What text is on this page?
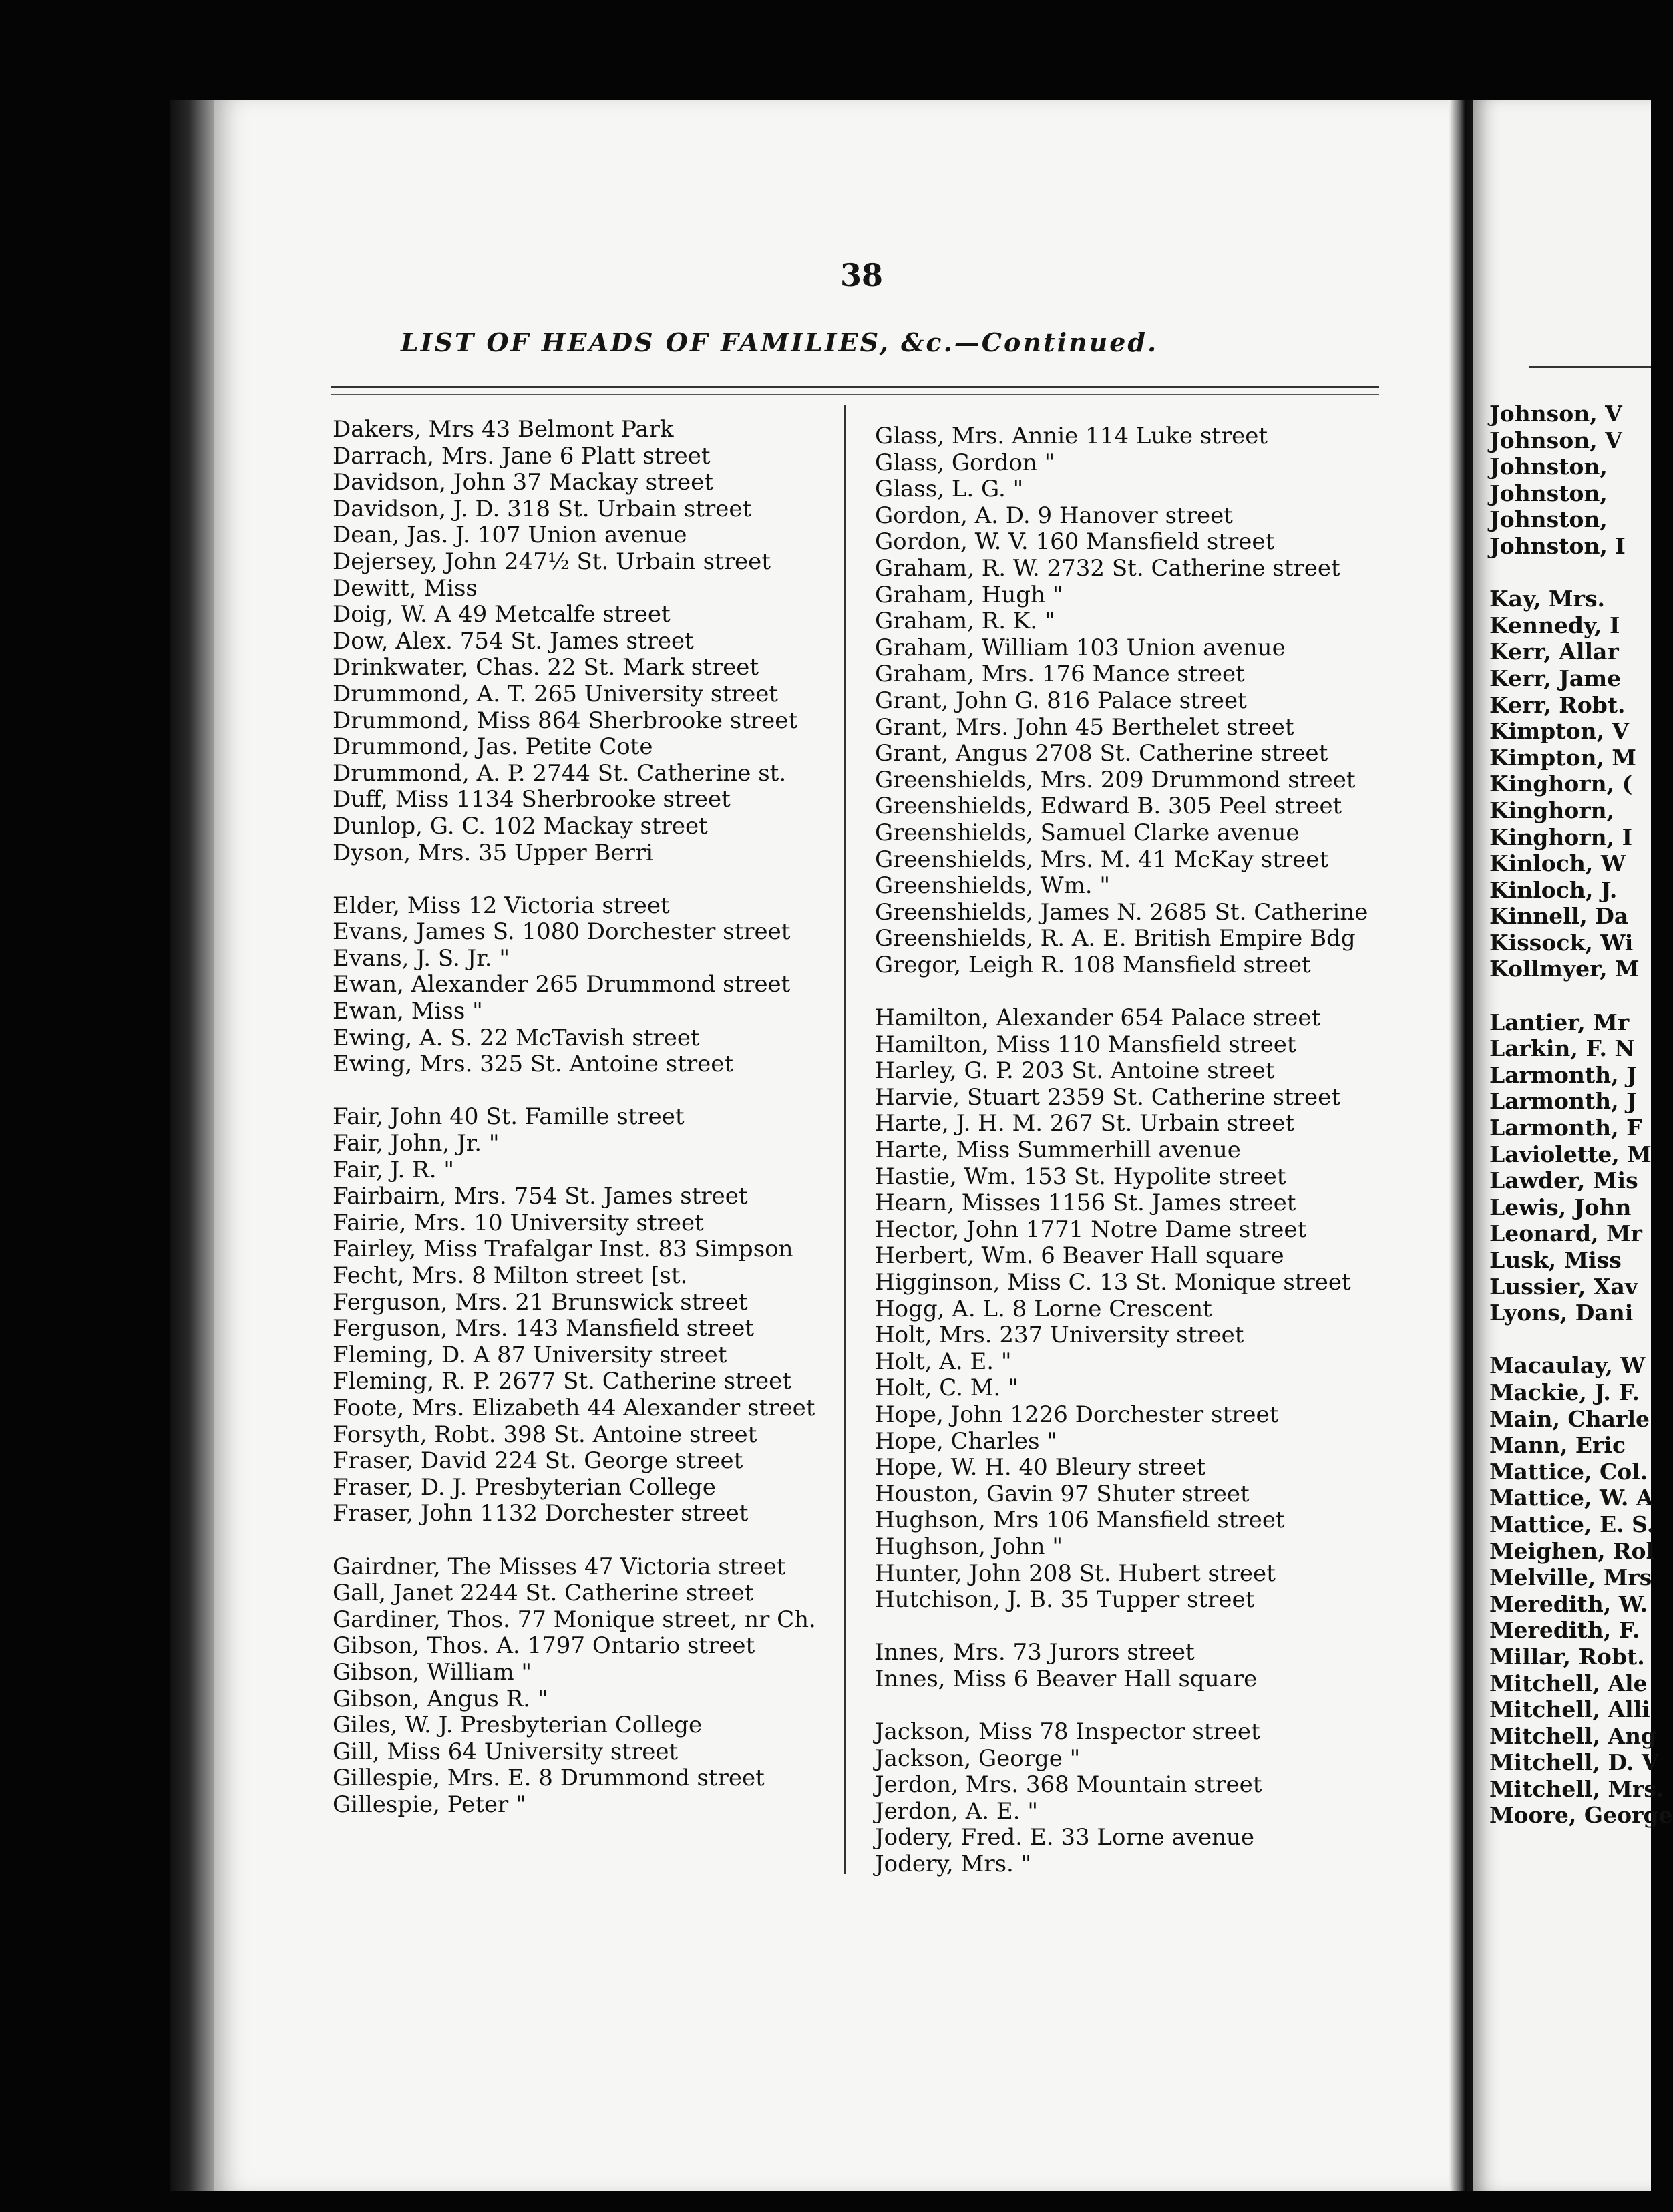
38
LIST OF HEADS OF FAMILIES, &c.—Continued.
Dakers, Mrs 43 Belmont Park
Darrach, Mrs. Jane 6 Platt street
Davidson, John 37 Mackay street
Davidson, J. D. 318 St. Urbain street
Dean, Jas. J. 107 Union avenue
Dejersey, John 247½ St. Urbain street
Dewitt, Miss
Doig, W. A 49 Metcalfe street
Dow, Alex. 754 St. James street
Drinkwater, Chas. 22 St. Mark street
Drummond, A. T. 265 University street
Drummond, Miss 864 Sherbrooke street
Drummond, Jas. Petite Cote
Drummond, A. P. 2744 St. Catherine st.
Duff, Miss 1134 Sherbrooke street
Dunlop, G. C. 102 Mackay street
Dyson, Mrs. 35 Upper Berri
Elder, Miss 12 Victoria street
Evans, James S. 1080 Dorchester street
Evans, J. S. Jr. "
Ewan, Alexander 265 Drummond street
Ewan, Miss "
Ewing, A. S. 22 McTavish street
Ewing, Mrs. 325 St. Antoine street
Fair, John 40 St. Famille street
Fair, John, Jr. "
Fair, J. R. "
Fairbairn, Mrs. 754 St. James street
Fairie, Mrs. 10 University street
Fairley, Miss Trafalgar Inst. 83 Simpson
Fecht, Mrs. 8 Milton street [st.
Ferguson, Mrs. 21 Brunswick street
Ferguson, Mrs. 143 Mansfield street
Fleming, D. A 87 University street
Fleming, R. P. 2677 St. Catherine street
Foote, Mrs. Elizabeth 44 Alexander street
Forsyth, Robt. 398 St. Antoine street
Fraser, David 224 St. George street
Fraser, D. J. Presbyterian College
Fraser, John 1132 Dorchester street
Gairdner, The Misses 47 Victoria street
Gall, Janet 2244 St. Catherine street
Gardiner, Thos. 77 Monique street, nr Ch.
Gibson, Thos. A. 1797 Ontario street
Gibson, William "
Gibson, Angus R. "
Giles, W. J. Presbyterian College
Gill, Miss 64 University street
Gillespie, Mrs. E. 8 Drummond street
Gillespie, Peter "
Glass, Mrs. Annie 114 Luke street
Glass, Gordon "
Glass, L. G. "
Gordon, A. D. 9 Hanover street
Gordon, W. V. 160 Mansfield street
Graham, R. W. 2732 St. Catherine street
Graham, Hugh "
Graham, R. K. "
Graham, William 103 Union avenue
Graham, Mrs. 176 Mance street
Grant, John G. 816 Palace street
Grant, Mrs. John 45 Berthelet street
Grant, Angus 2708 St. Catherine street
Greenshields, Mrs. 209 Drummond street
Greenshields, Edward B. 305 Peel street
Greenshields, Samuel Clarke avenue
Greenshields, Mrs. M. 41 McKay street
Greenshields, Wm. "
Greenshields, James N. 2685 St. Catherine
Greenshields, R. A. E. British Empire Bdg
Gregor, Leigh R. 108 Mansfield street
Hamilton, Alexander 654 Palace street
Hamilton, Miss 110 Mansfield street
Harley, G. P. 203 St. Antoine street
Harvie, Stuart 2359 St. Catherine street
Harte, J. H. M. 267 St. Urbain street
Harte, Miss Summerhill avenue
Hastie, Wm. 153 St. Hypolite street
Hearn, Misses 1156 St. James street
Hector, John 1771 Notre Dame street
Herbert, Wm. 6 Beaver Hall square
Higginson, Miss C. 13 St. Monique street
Hogg, A. L. 8 Lorne Crescent
Holt, Mrs. 237 University street
Holt, A. E. "
Holt, C. M. "
Hope, John 1226 Dorchester street
Hope, Charles "
Hope, W. H. 40 Bleury street
Houston, Gavin 97 Shuter street
Hughson, Mrs 106 Mansfield street
Hughson, John "
Hunter, John 208 St. Hubert street
Hutchison, J. B. 35 Tupper street
Innes, Mrs. 73 Jurors street
Innes, Miss 6 Beaver Hall square
Jackson, Miss 78 Inspector street
Jackson, George "
Jerdon, Mrs. 368 Mountain street
Jerdon, A. E. "
Jodery, Fred. E. 33 Lorne avenue
Jodery, Mrs. "
Johnson, V
Johnson, V
Johnston,
Johnston,
Johnston,
Johnston, I
Kay, Mrs.
Kennedy, I
Kerr, Allar
Kerr, Jame
Kerr, Robt.
Kimpton, V
Kimpton, M
Kinghorn, (
Kinghorn,
Kinghorn, I
Kinloch, W
Kinloch, J.
Kinnell, Da
Kissock, Wi
Kollmyer, M
Lantier, Mr
Larkin, F. N
Larmonth, J
Larmonth, J
Larmonth, F
Laviolette, M
Lawder, Mis
Lewis, John
Leonard, Mr
Lusk, Miss
Lussier, Xav
Lyons, Dani
Macaulay, W
Mackie, J. F.
Main, Charle
Mann, Eric
Mattice, Col.
Mattice, W. A
Mattice, E. S.
Meighen, Rol
Melville, Mrs
Meredith, W.
Meredith, F.
Millar, Robt.
Mitchell, Ale
Mitchell, Alli
Mitchell, Ang
Mitchell, D. V
Mitchell, Mrs.
Moore, George
